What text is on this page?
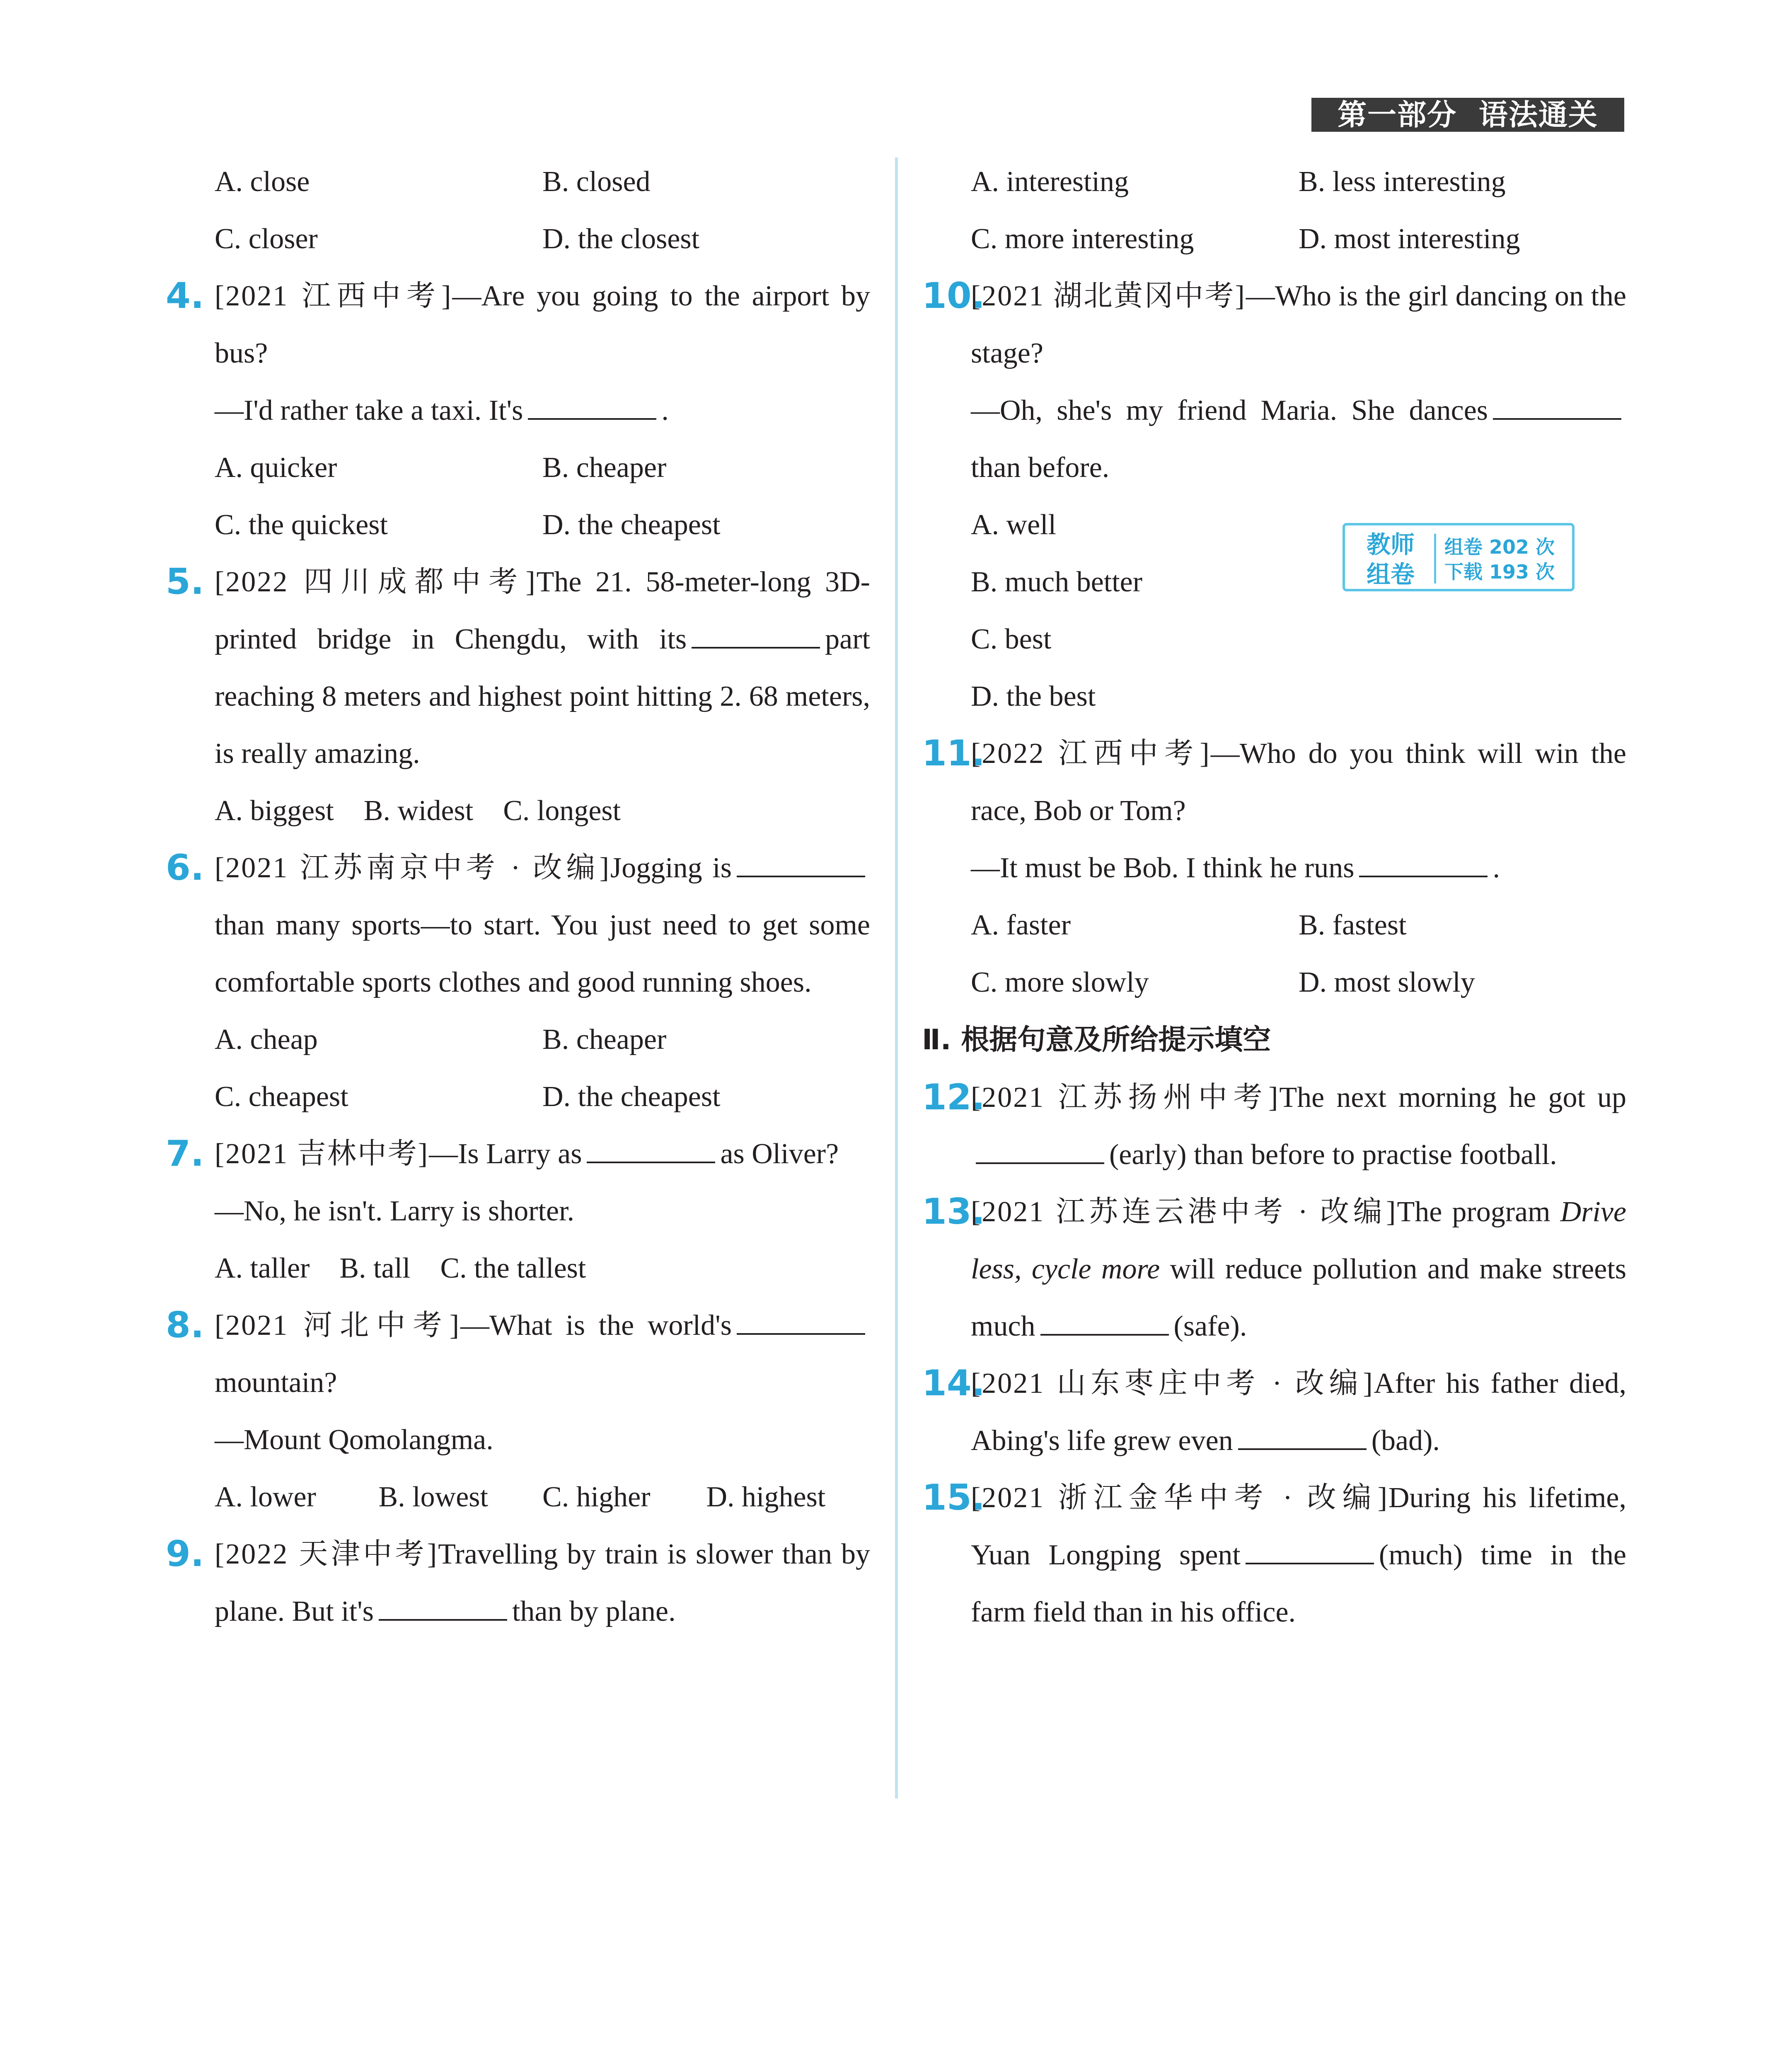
第一部分  语法通关
A. close	B. closed
C. closer	D. the closest
4. [2021 江西中考]—Are you going to the airport by bus?
—I'd rather take a taxi. It's	.
A. quicker	B. cheaper
C. the quickest	D. the cheapest
5. [2022 四川成都中考]The 21. 58-meter-long 3D-printed bridge in Chengdu, with its	part reaching 8 meters and highest point hitting 2. 68 meters, is really amazing.
A. biggest B. widest C. longest
6. [2021 江苏南京中考 · 改编]Jogging isthan many sports—to start. You just need to get some comfortable sports clothes and good running shoes.
A. cheap	B. cheaper
C. cheapest	D. the cheapest
7. [2021 吉林中考]—Is Larry as	as Oliver?
—No, he isn't. Larry is shorter.
A. taller B. tall C. the tallest
8. [2021 河北中考]—What is the world'smountain?
—Mount Qomolangma.
A. lower	B. lowest	C. higher	D. highest
9. [2022 天津中考]Travelling by train is slower than by plane. But it's	than by plane.
A. interesting	B. less interesting
C. more interesting	D. most interesting
10.
[2021 湖北黄冈中考]—Who is the girl dancing on the stage?
—Oh, she's my friend Maria. She dancesthan before.
A. well
B. much better
C. best
D. the best
11.
[2022 江西中考]—Who do you think will win the race, Bob or Tom?
—It must be Bob. I think he runs	.
A. faster	B. fastest
C. more slowly	D. most slowly
Ⅱ. 根据句意及所给提示填空
12.
[2021 江苏扬州中考]The next morning he got up(early) than before to practise football.
13.
[2021 江苏连云港中考 · 改编]The program Drive less, cycle more will reduce pollution and make streets much	(safe).
14.
[2021 山东枣庄中考 · 改编]After his father died, Abing's life grew even	(bad).
15.
[2021 浙江金华中考 · 改编]During his lifetime, Yuan Longping spent	(much) time in the farm field than in his office.
教师
组卷
组卷 202 次
下载 193 次
